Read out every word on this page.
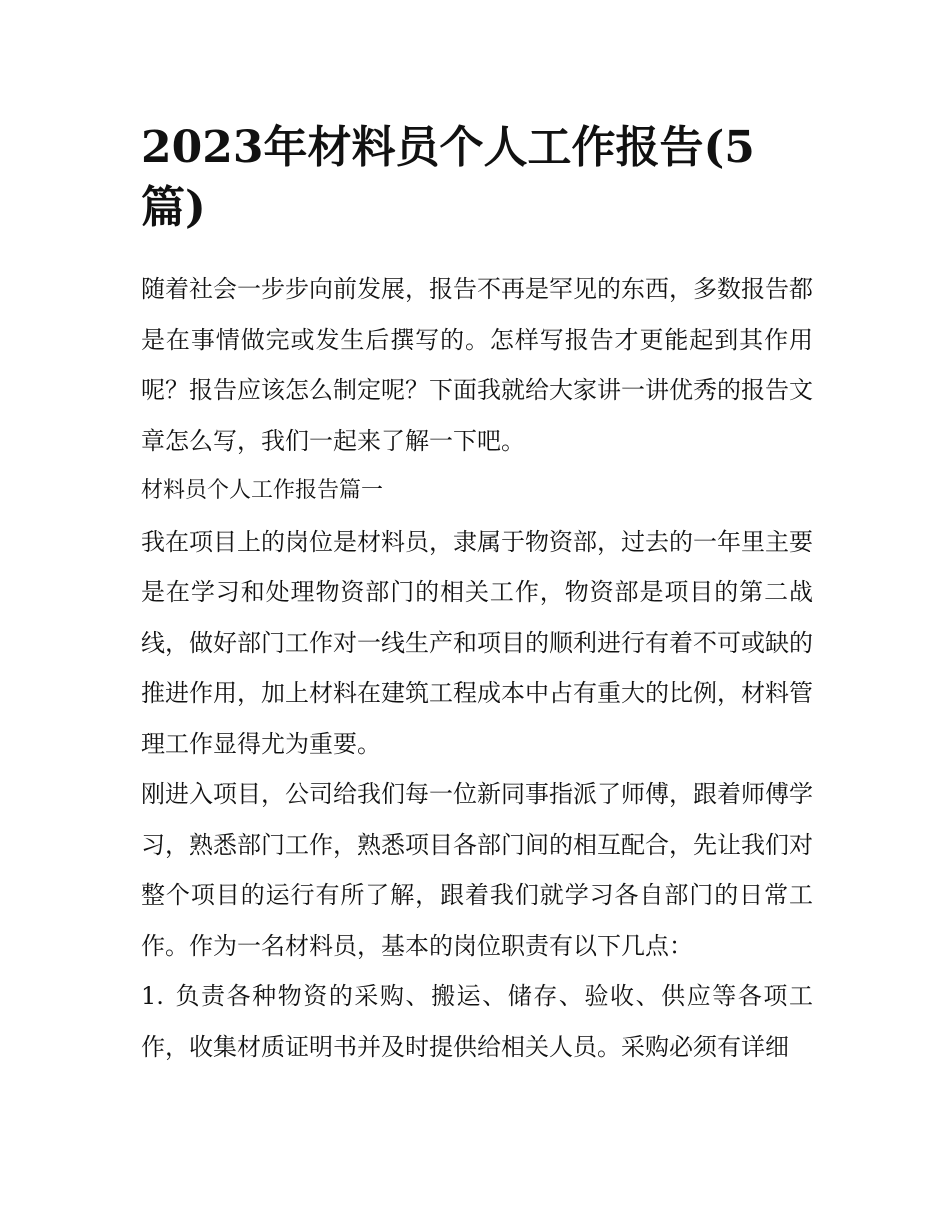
2023年材料员个人工作报告(5篇)

随着社会一步步向前发展，报告不再是罕见的东西，多数报告都是在事情做完或发生后撰写的。怎样写报告才更能起到其作用呢？报告应该怎么制定呢？下面我就给大家讲一讲优秀的报告文章怎么写，我们一起来了解一下吧。

材料员个人工作报告篇一

我在项目上的岗位是材料员，隶属于物资部，过去的一年里主要是在学习和处理物资部门的相关工作，物资部是项目的第二战线，做好部门工作对一线生产和项目的顺利进行有着不可或缺的推进作用，加上材料在建筑工程成本中占有重大的比例，材料管理工作显得尤为重要。

刚进入项目，公司给我们每一位新同事指派了师傅，跟着师傅学习，熟悉部门工作，熟悉项目各部门间的相互配合，先让我们对整个项目的运行有所了解，跟着我们就学习各自部门的日常工作。作为一名材料员，基本的岗位职责有以下几点：

1. 负责各种物资的采购、搬运、储存、验收、供应等各项工作，收集材质证明书并及时提供给相关人员。采购必须有详细
